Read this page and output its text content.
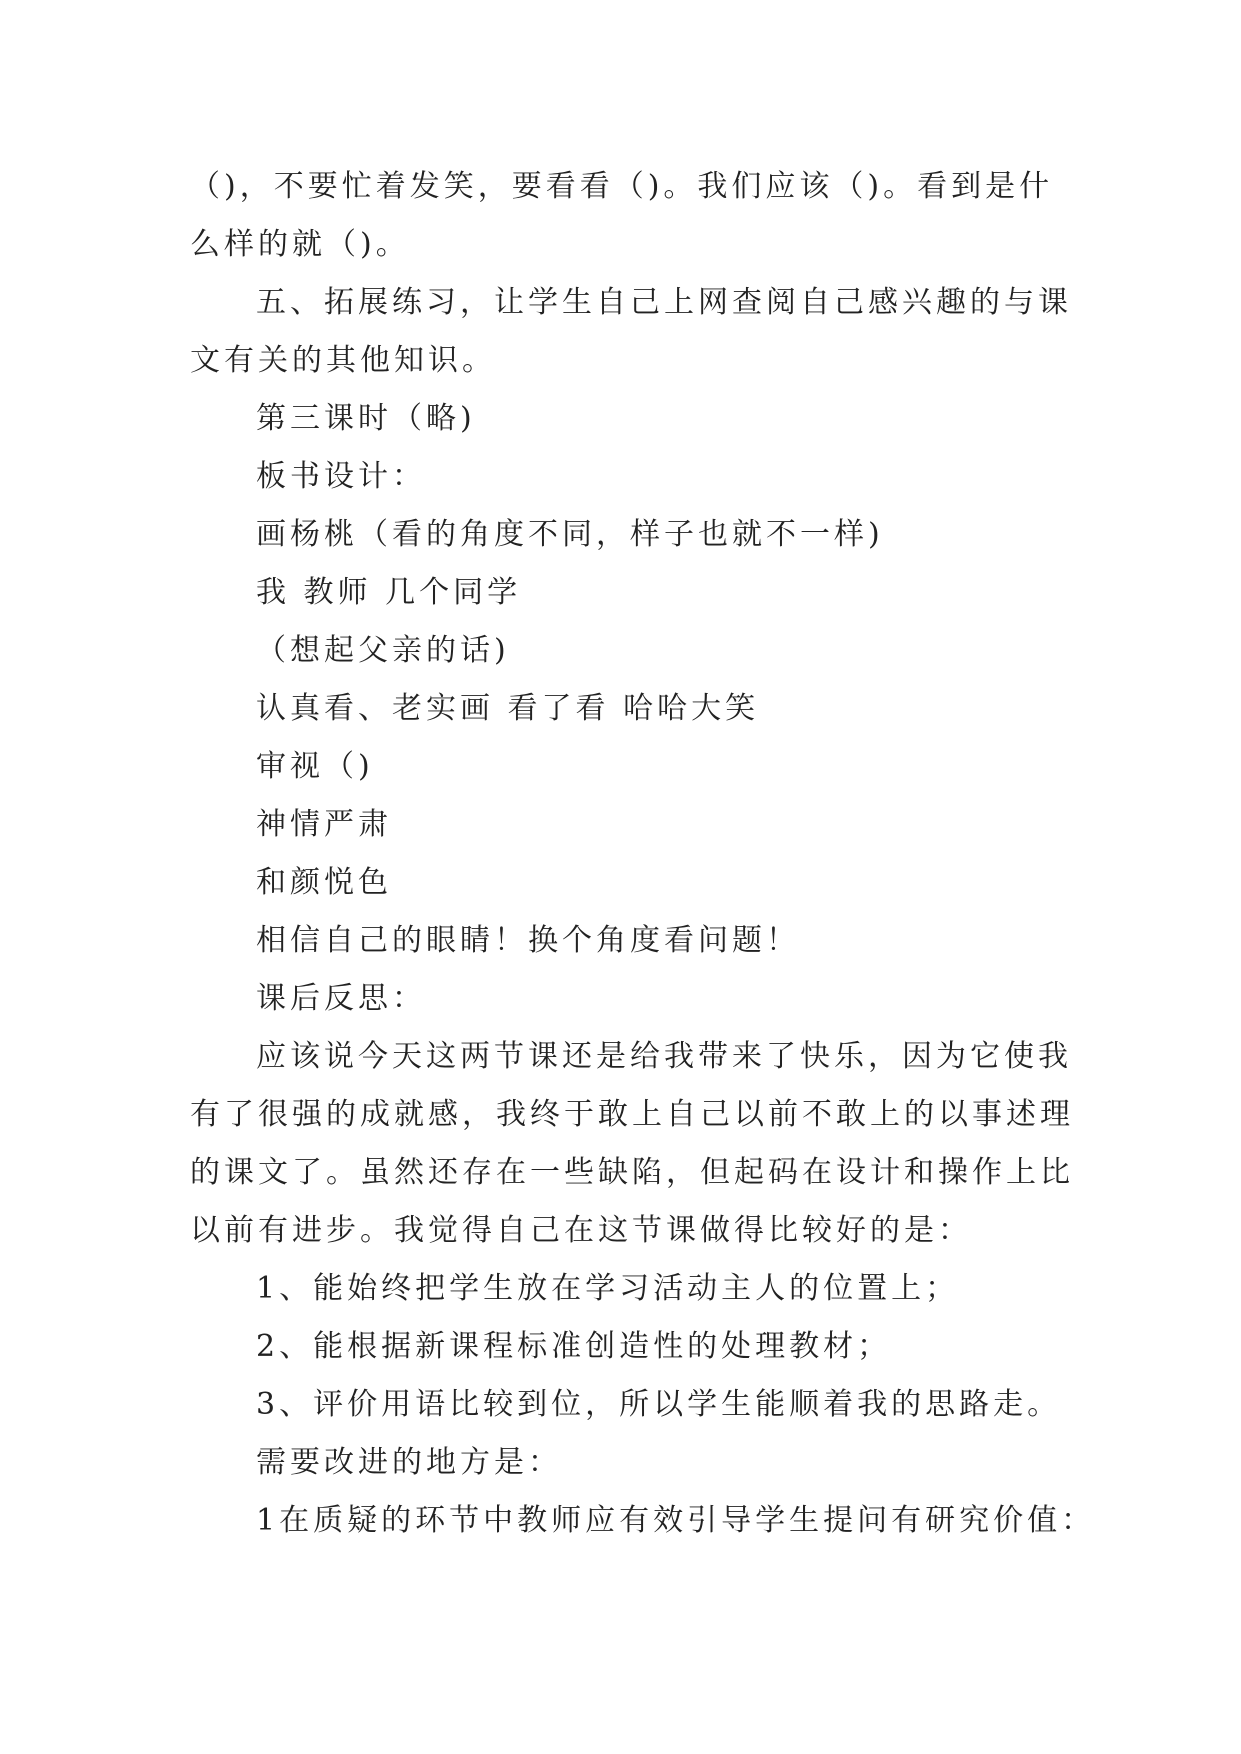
（)，不要忙着发笑，要看看（)。我们应该（)。看到是什
么样的就（)。
五、拓展练习，让学生自己上网查阅自己感兴趣的与课
文有关的其他知识。
第三课时（略)
板书设计：
画杨桃（看的角度不同，样子也就不一样)
我 教师 几个同学
（想起父亲的话)
认真看、老实画 看了看 哈哈大笑
审视（)
神情严肃
和颜悦色
相信自己的眼睛！换个角度看问题！
课后反思：
应该说今天这两节课还是给我带来了快乐，因为它使我
有了很强的成就感，我终于敢上自己以前不敢上的以事述理
的课文了。虽然还存在一些缺陷，但起码在设计和操作上比
以前有进步。我觉得自己在这节课做得比较好的是：
1、能始终把学生放在学习活动主人的位置上；
2、能根据新课程标准创造性的处理教材；
3、评价用语比较到位，所以学生能顺着我的思路走。
需要改进的地方是：
1在质疑的环节中教师应有效引导学生提问有研究价值：
